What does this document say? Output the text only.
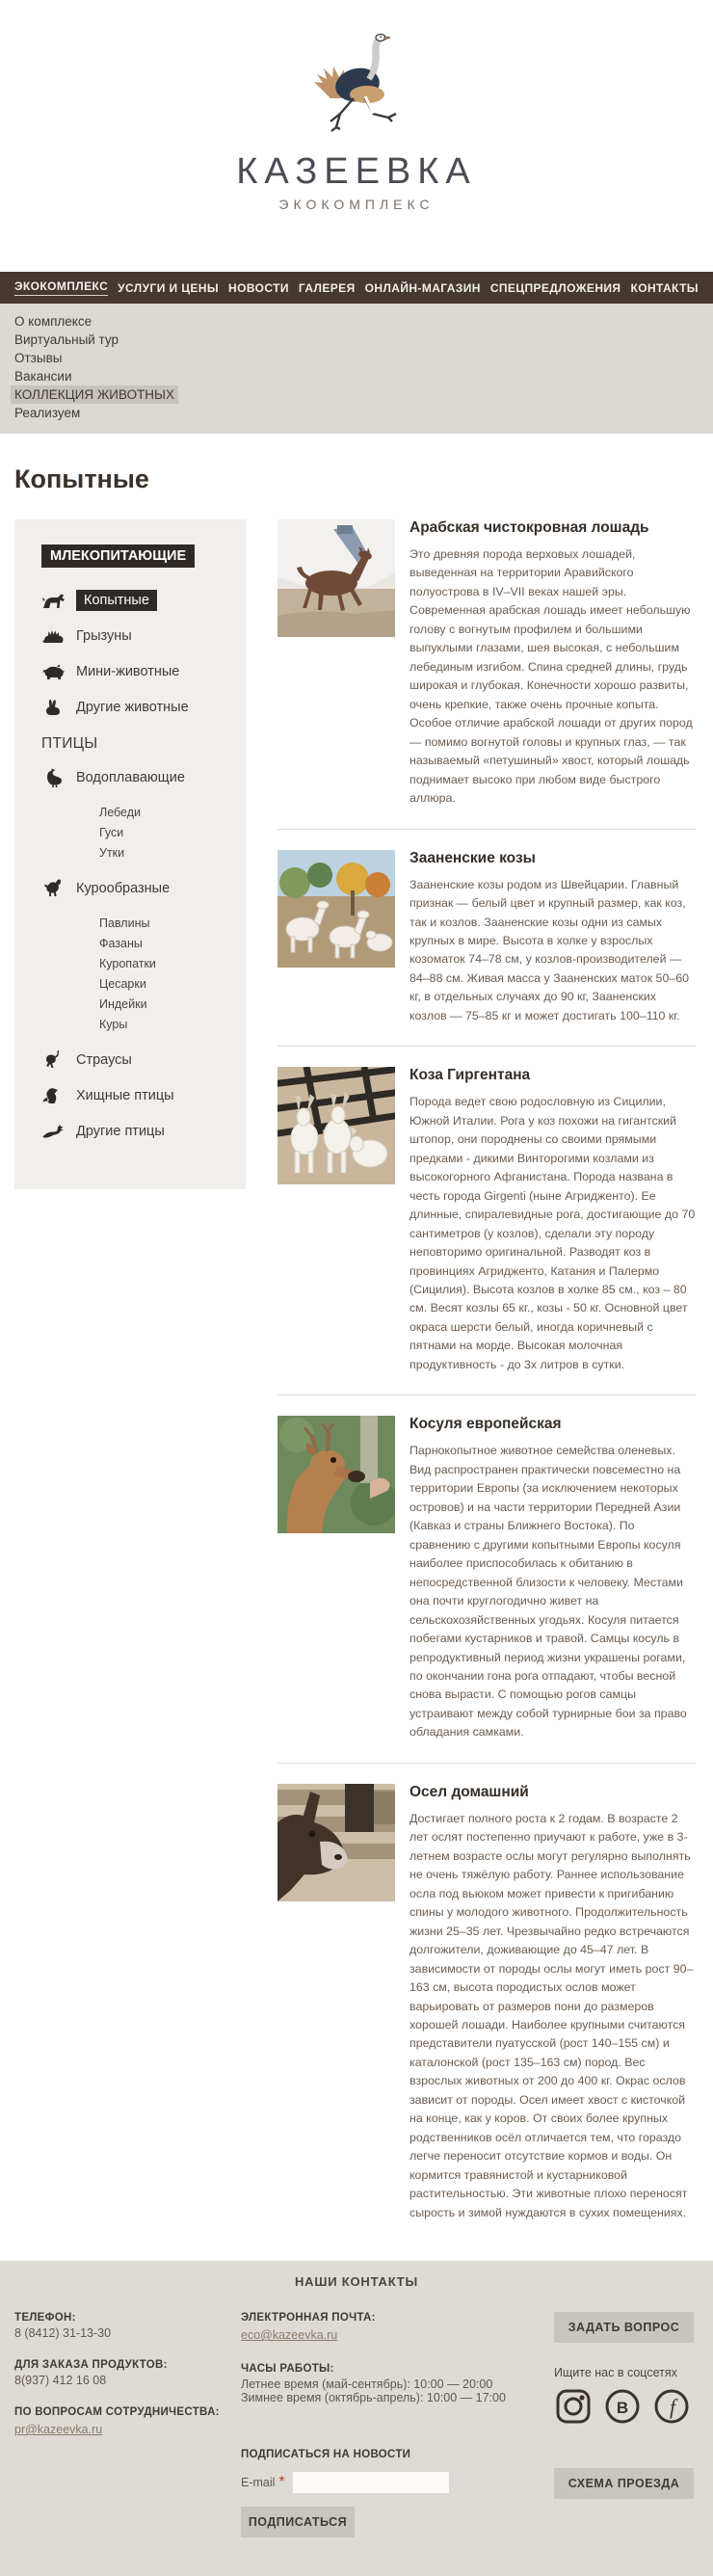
КАЗЕЕВКА
ЭКОКОМПЛЕКС
ЭКОКОМПЛЕКС УСЛУГИ И ЦЕНЫ НОВОСТИ ГАЛЕРЕЯ ОНЛАЙН-МАГАЗИН СПЕЦПРЕДЛОЖЕНИЯ КОНТАКТЫ
О комплексе
Виртуальный тур
Отзывы
Вакансии
КОЛЛЕКЦИЯ ЖИВОТНЫХ
Реализуем
Копытные
МЛЕКОПИТАЮЩИЕ
Копытные
Грызуны
Мини-животные
Другие животные
ПТИЦЫ
Водоплавающие
Лебеди
Гуси
Утки
Курообразные
Павлины
Фазаны
Куропатки
Цесарки
Индейки
Куры
Страусы
Хищные птицы
Другие птицы
Арабская чистокровная лошадь

Это древняя порода верховых лошадей, выведенная на территории Аравийского полуострова в IV–VII веках нашей эры. Современная арабская лошадь имеет небольшую голову с вогнутым профилем и большими выпуклыми глазами, шея высокая, с небольшим лебединым изгибом. Спина средней длины, грудь широкая и глубокая. Конечности хорошо развиты, очень крепкие, также очень прочные копыта. Особое отличие арабской лошади от других пород — помимо вогнутой головы и крупных глаз, — так называемый «петушиный» хвост, который лошадь поднимает высоко при любом виде быстрого аллюра.

Зааненские козы

Зааненские козы родом из Швейцарии. Главный признак — белый цвет и крупный размер, как коз, так и козлов. Зааненские козы одни из самых крупных в мире. Высота в холке у взрослых козоматок 74–78 см, у козлов-производителей — 84–88 см. Живая масса у Зааненских маток 50–60 кг, в отдельных случаях до 90 кг, Зааненских козлов — 75–85 кг и может достигать 100–110 кг.

Коза Гиргентана

Порода ведет свою родословную из Сицилии, Южной Италии. Рога у коз похожи на гигантский штопор, они породнены со своими прямыми предками - дикими Винторогими козлами из высокогорного Афганистана. Порода названа в честь города Girgenti (ныне Агридженто). Ее длинные, спиралевидные рога, достигающие до 70 сантиметров (у козлов), сделали эту породу неповторимо оригинальной. Разводят коз в провинциях Агридженто, Катания и Палермо (Сицилия). Высота козлов в холке 85 см., коз – 80 см. Весят козлы 65 кг., козы - 50 кг. Основной цвет окраса шерсти белый, иногда коричневый с пятнами на морде. Высокая молочная продуктивность - до 3х литров в сутки.

Косуля европейская

Парнокопытное животное семейства оленевых. Вид распространен практически повсеместно на территории Европы (за исключением некоторых островов) и на части территории Передней Азии (Кавказ и страны Ближнего Востока). По сравнению с другими копытными Европы косуля наиболее приспособилась к обитанию в непосредственной близости к человеку. Местами она почти круглогодично живет на сельскохозяйственных угодьях. Косуля питается побегами кустарников и травой. Самцы косуль в репродуктивный период жизни украшены рогами, по окончании гона рога отпадают, чтобы весной снова вырасти. С помощью рогов самцы устраивают между собой турнирные бои за право обладания самками.

Осел домашний

Достигает полного роста к 2 годам. В возрасте 2 лет ослят постепенно приучают к работе, уже в 3-летнем возрасте ослы могут регулярно выполнять не очень тяжёлую работу. Раннее использование осла под вьюком может привести к пригибанию спины у молодого животного. Продолжительность жизни 25–35 лет. Чрезвычайно редко встречаются долгожители, доживающие до 45–47 лет. В зависимости от породы ослы могут иметь рост 90–163 см, высота породистых ослов может варьировать от размеров пони до размеров хорошей лошади. Наиболее крупными считаются представители пуатусской (рост 140–155 см) и каталонской (рост 135–163 см) пород. Вес взрослых животных от 200 до 400 кг. Окрас ослов зависит от породы. Осел имеет хвост с кисточкой на конце, как у коров. От своих более крупных родственников осёл отличается тем, что гораздо легче переносит отсутствие кормов и воды. Он кормится травянистой и кустарниковой растительностью. Эти животные плохо переносят сырость и зимой нуждаются в сухих помещениях.

НАШИ КОНТАКТЫ
ТЕЛЕФОН:
8 (8412) 31-13-30
ДЛЯ ЗАКАЗА ПРОДУКТОВ:
8(937) 412 16 08
ПО ВОПРОСАМ СОТРУДНИЧЕСТВА:
pr@kazeevka.ru
ЭЛЕКТРОННАЯ ПОЧТА:
eco@kazeevka.ru
ЧАСЫ РАБОТЫ:
Летнее время (май-сентябрь): 10:00 — 20:00
Зимнее время (октябрь-апрель): 10:00 — 17:00
ПОДПИСАТЬСЯ НА НОВОСТИ
E-mail *
ПОДПИСАТЬСЯ
ЗАДАТЬ ВОПРОС
Ищите нас в соцсетях
В f
СХЕМА ПРОЕЗДА
